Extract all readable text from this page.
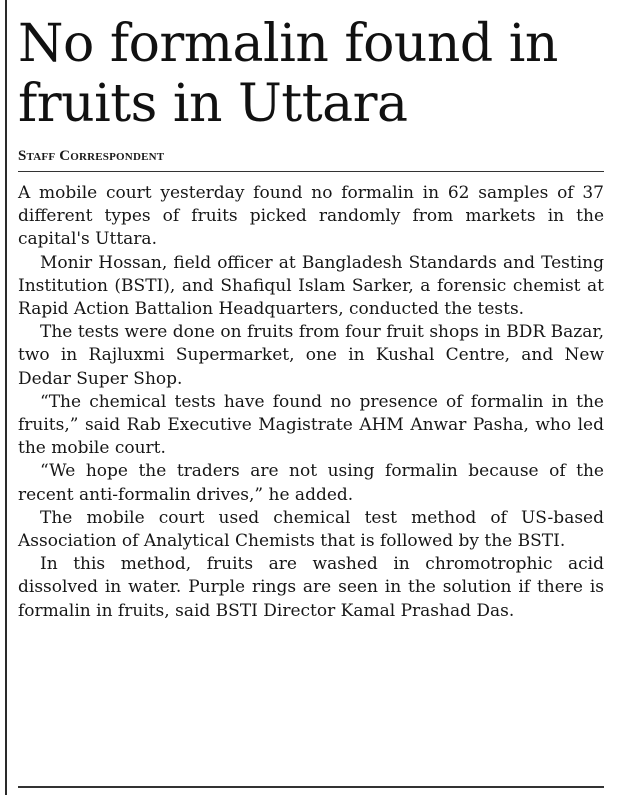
No formalin found in fruits in Uttara
Staff Correspondent

A mobile court yesterday found no formalin in 62 samples of 37 different types of fruits picked randomly from markets in the capital's Uttara.

Monir Hossan, field officer at Bangladesh Standards and Testing Institution (BSTI), and Shafiqul Islam Sarker, a forensic chemist at Rapid Action Battalion Headquarters, conducted the tests.

The tests were done on fruits from four fruit shops in BDR Bazar, two in Rajluxmi Supermarket, one in Kushal Centre, and New Dedar Super Shop.

“The chemical tests have found no presence of formalin in the fruits,” said Rab Executive Magistrate AHM Anwar Pasha, who led the mobile court.

“We hope the traders are not using formalin because of the recent anti-formalin drives,” he added.

The mobile court used chemical test method of US-based Association of Analytical Chemists that is followed by the BSTI.

In this method, fruits are washed in chromotrophic acid dissolved in water. Purple rings are seen in the solution if there is formalin in fruits, said BSTI Director Kamal Prashad Das.
